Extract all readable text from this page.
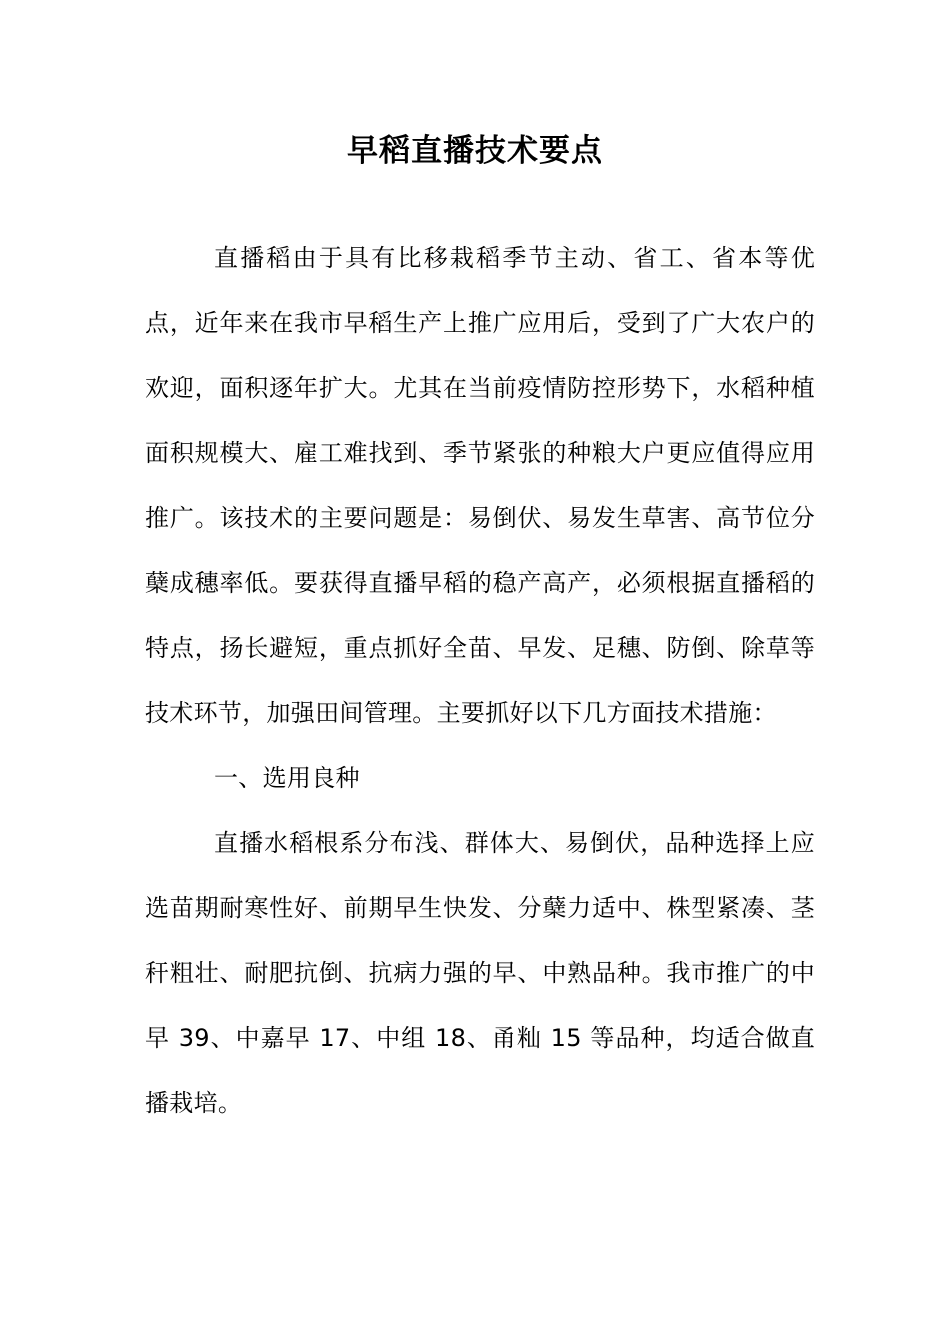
早稻直播技术要点

直播稻由于具有比移栽稻季节主动、省工、省本等优点，近年来在我市早稻生产上推广应用后，受到了广大农户的欢迎，面积逐年扩大。尤其在当前疫情防控形势下，水稻种植面积规模大、雇工难找到、季节紧张的种粮大户更应值得应用推广。该技术的主要问题是：易倒伏、易发生草害、高节位分蘖成穗率低。要获得直播早稻的稳产高产，必须根据直播稻的特点，扬长避短，重点抓好全苗、早发、足穗、防倒、除草等技术环节，加强田间管理。主要抓好以下几方面技术措施：

一、选用良种

直播水稻根系分布浅、群体大、易倒伏，品种选择上应选苗期耐寒性好、前期早生快发、分蘖力适中、株型紧凑、茎秆粗壮、耐肥抗倒、抗病力强的早、中熟品种。我市推广的中早 39、中嘉早 17、中组 18、甬籼 15 等品种，均适合做直播栽培。
